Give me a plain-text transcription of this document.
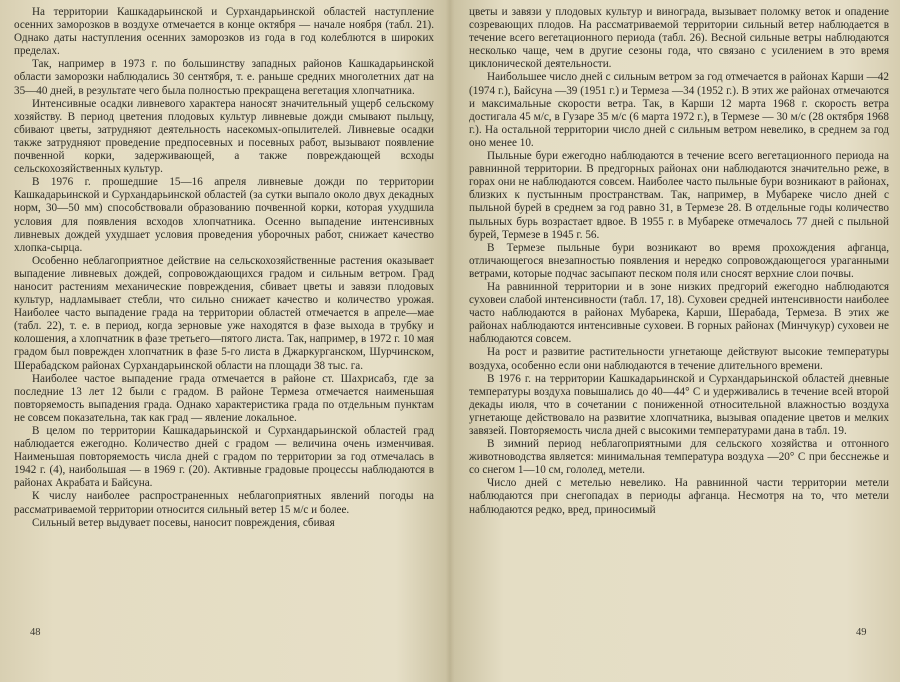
На территории Кашкадарьинской и Сурхандарьинской областей наступление осенних заморозков в воздухе отмечается в конце октября — начале ноября (табл. 21). Однако даты наступления осенних заморозков из года в год колеблются в широких пределах.

Так, например в 1973 г. по большинству западных районов Кашкадарьинской области заморозки наблюдались 30 сентября, т. е. раньше средних многолетних дат на 35—40 дней, в результате чего была полностью прекращена вегетация хлопчатника.

Интенсивные осадки ливневого характера наносят значительный ущерб сельскому хозяйству. В период цветения плодовых культур ливневые дожди смывают пыльцу, сбивают цветы, затрудняют деятельность насекомых-опылителей. Ливневые осадки также затрудняют проведение предпосевных и посевных работ, вызывают появление почвенной корки, задерживающей, а также повреждающей всходы сельскохозяйственных культур.

В 1976 г. прошедшие 15—16 апреля ливневые дожди по территории Кашкадарьинской и Сурхандарьинской областей (за сутки выпало около двух декадных норм, 30—50 мм) способствовали образованию почвенной корки, которая ухудшила условия для появления всходов хлопчатника. Осенно выпадение интенсивных ливневых дождей ухудшает условия проведения уборочных работ, снижает качество хлопка-сырца.

Особенно неблагоприятное действие на сельскохозяйственные растения оказывает выпадение ливневых дождей, сопровождающихся градом и сильным ветром. Град наносит растениям механические повреждения, сбивает цветы и завязи плодовых культур, надламывает стебли, что сильно снижает качество и количество урожая. Наиболее часто выпадение града на территории областей отмечается в апреле—мае (табл. 22), т. е. в период, когда зерновые уже находятся в фазе выхода в трубку и колошения, а хлопчатник в фазе третьего—пятого листа. Так, например, в 1972 г. 10 мая градом был поврежден хлопчатник в фазе 5-го листа в Джаркурганском, Шурчинском, Шерабадском районах Сурхандарьинской области на площади 38 тыс. га.

Наиболее частое выпадение града отмечается в районе ст. Шахрисабз, где за последние 13 лет 12 были с градом. В районе Термеза отмечается наименьшая повторяемость выпадения града. Однако характеристика града по отдельным пунктам не совсем показательна, так как град — явление локальное.

В целом по территории Кашкадарьинской и Сурхандарьинской областей град наблюдается ежегодно. Количество дней с градом — величина очень изменчивая. Наименьшая повторяемость числа дней с градом по территории за год отмечалась в 1942 г. (4), наибольшая — в 1969 г. (20). Активные градовые процессы наблюдаются в районах Акрабата и Байсуна.

К числу наиболее распространенных неблагоприятных явлений погоды на рассматриваемой территории относится сильный ветер 15 м/с и более.

Сильный ветер выдувает посевы, наносит повреждения, сбивая

48

цветы и завязи у плодовых культур и винограда, вызывает поломку веток и опадение созревающих плодов. На рассматриваемой территории сильный ветер наблюдается в течение всего вегетационного периода (табл. 26). Весной сильные ветры наблюдаются несколько чаще, чем в другие сезоны года, что связано с усилением в это время циклонической деятельности.

Наибольшее число дней с сильным ветром за год отмечается в районах Карши —42 (1974 г.), Байсуна —39 (1951 г.) и Термеза —34 (1952 г.). В этих же районах отмечаются и максимальные скорости ветра. Так, в Карши 12 марта 1968 г. скорость ветра достигала 45 м/с, в Гузаре 35 м/с (6 марта 1972 г.), в Термезе — 30 м/с (28 октября 1968 г.). На остальной территории число дней с сильным ветром невелико, в среднем за год оно менее 10.

Пыльные бури ежегодно наблюдаются в течение всего вегетационного периода на равнинной территории. В предгорных районах они наблюдаются значительно реже, в горах они не наблюдаются совсем. Наиболее часто пыльные бури возникают в районах, близких к пустынным пространствам. Так, например, в Мубареке число дней с пыльной бурей в среднем за год равно 31, в Термезе 28. В отдельные годы количество пыльных бурь возрастает вдвое. В 1955 г. в Мубареке отмечалось 77 дней с пыльной бурей, Термезе в 1945 г. 56.

В Термезе пыльные бури возникают во время прохождения афганца, отличающегося внезапностью появления и нередко сопровождающегося ураганными ветрами, которые подчас засыпают песком поля или сносят верхние слои почвы.

На равнинной территории и в зоне низких предгорий ежегодно наблюдаются суховеи слабой интенсивности (табл. 17, 18). Суховеи средней интенсивности наиболее часто наблюдаются в районах Мубарека, Карши, Шерабада, Термеза. В этих же районах наблюдаются интенсивные суховеи. В горных районах (Минчукур) суховеи не наблюдаются совсем.

На рост и развитие растительности угнетающе действуют высокие температуры воздуха, особенно если они наблюдаются в течение длительного времени.

В 1976 г. на территории Кашкадарьинской и Сурхандарьинской областей дневные температуры воздуха повышались до 40—44° С и удерживались в течение всей второй декады июля, что в сочетании с пониженной относительной влажностью воздуха угнетающе действовало на развитие хлопчатника, вызывая опадение цветов и мелких завязей. Повторяемость числа дней с высокими температурами дана в табл. 19.

В зимний период неблагоприятными для сельского хозяйства и отгонного животноводства является: минимальная температура воздуха —20° С при бесснежье и со снегом 1—10 см, гололед, метели.

Число дней с метелью невелико. На равнинной части территории метели наблюдаются при снегопадах в периоды афганца. Несмотря на то, что метели наблюдаются редко, вред, приносимый

49
